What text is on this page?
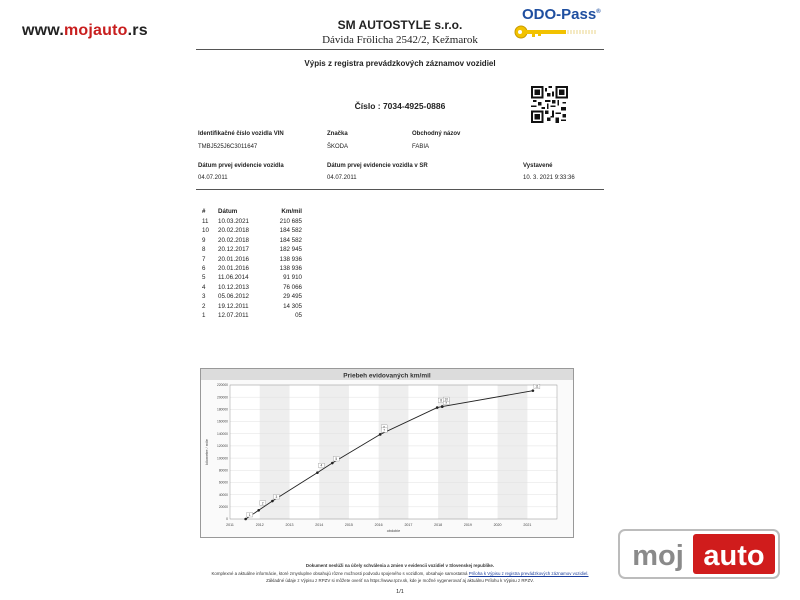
www.mojauto.rs	SM AUTOSTYLE s.r.o.
Dávida Frölicha 2542/2, Kežmarok
ODO-Pass®
Výpis z registra prevádzkových záznamov vozidiel
Číslo : 7034-4925-0886
Identifikačné číslo vozidla VIN
TMBJ525J6C3011647
Značka
ŠKODA
Obchodný názov
FABIA
Dátum prvej evidencie vozidla
04.07.2011
Dátum prvej evidencie vozidla v SR
04.07.2011
Vystavené
10. 3. 2021 9:33:36
#	Dátum	Km/mil
11	10.03.2021	210 685
10	20.02.2018	184 582
9	20.02.2018	184 582
8	20.12.2017	182 945
7	20.01.2016	138 936
6	20.01.2016	138 936
5	11.06.2014	91 910
4	10.12.2013	76 066
3	05.06.2012	29 495
2	19.12.2011	14 305
1	12.07.2011	05
Priebeh evidovaných km/mil
2011	2012	2013	2014	2015	2016	2017	2018	2019	2020	2021
0
20000
40000
60000
80000
100000
120000
140000
160000
180000
200000
220000
obdobie
kilometre / míle
1
2
3
4
5
6
7
8
9
10
11
Dokument neslúži na účely schválenia a zmien v evidencii vozidiel v Slovenskej republike.
Komplexné a aktuálne informácie, ktoré zmysluplne obsahujú rôzne možnosti podvodu spojeného s vozidlom, obsahuje samostatná Príloha k Výpisu z registra prevádzkových záznamov vozidiel.
Základné údaje z Výpisu z RPZV si môžete overiť na https://www.rpzv.sk, kde je možné vygenerovať aj aktuálnu Prílohu k Výpisu z RPZV.
1/1
moj auto
